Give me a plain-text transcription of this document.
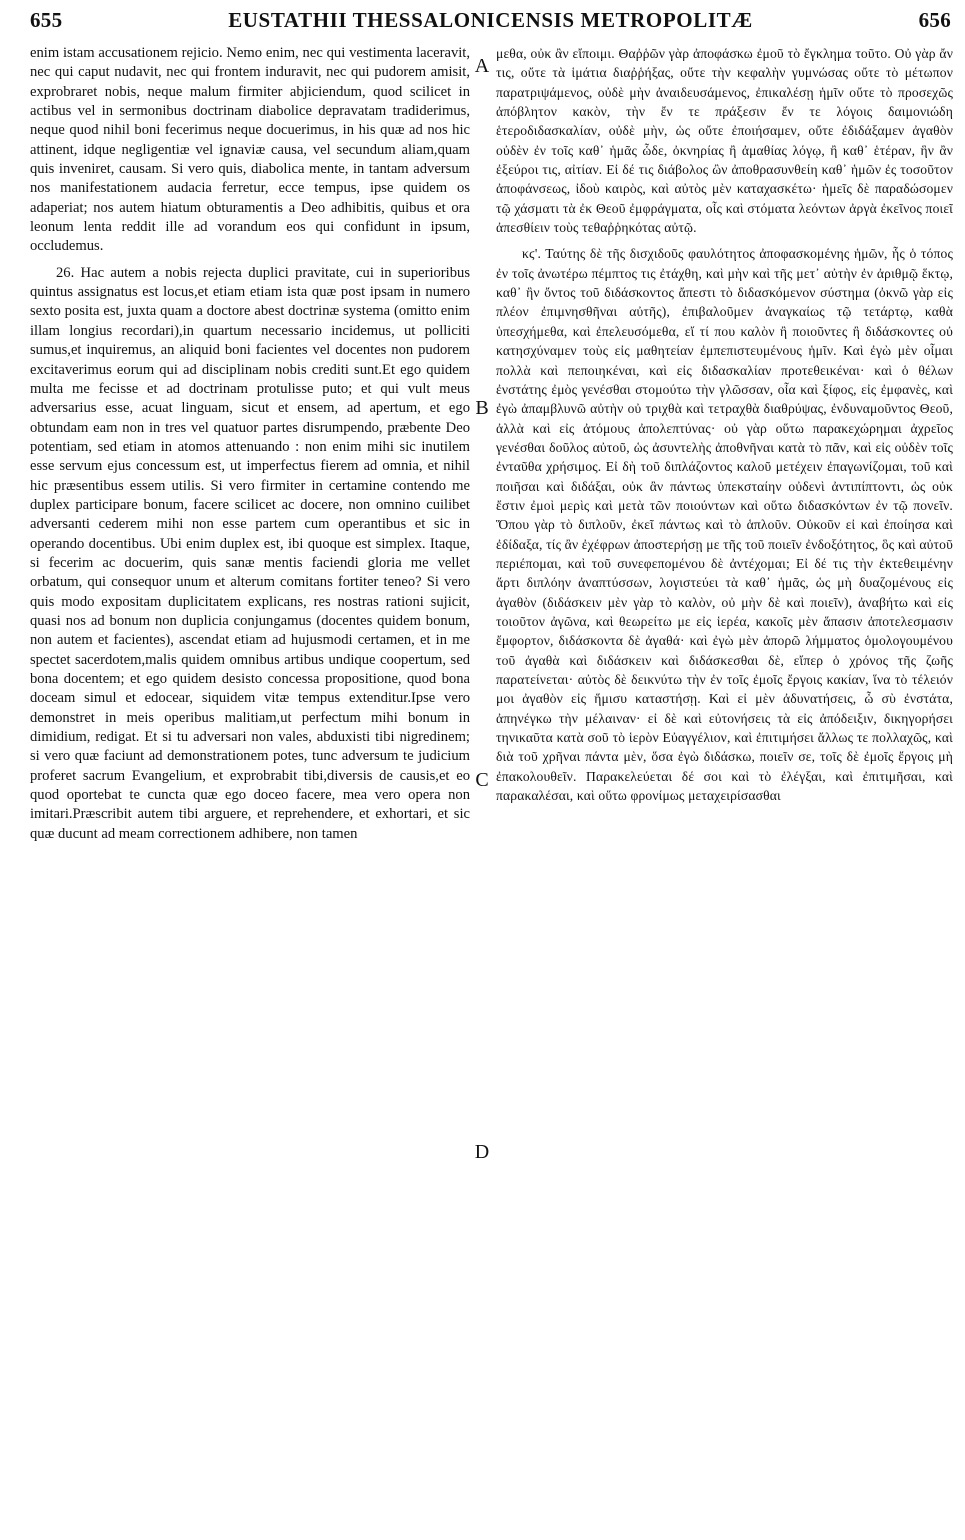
655	EUSTATHII THESSALONICENSIS METROPOLITÆ	656

enim istam accusationem rejicio. Nemo enim, nec qui vestimenta laceravit, nec qui caput nudavit, nec qui frontem induravit, nec qui pudorem amisit, exprobraret nobis, neque malum firmiter abjiciendum, quod scilicet in actibus vel in sermonibus doctrinam diabolice depravatam tradiderimus, neque quod nihil boni fecerimus neque docuerimus, in his quæ ad nos hic attinent, idque negligentiæ vel ignaviæ causa, vel secundum aliam,quam quis inveniret, causam. Si vero quis, diabolica mente, in tantam adversum nos manifestationem audacia ferretur, ecce tempus, ipse quidem os adaperiat; nos autem hiatum obturamentis a Deo adhibitis, quibus et ora leonum lenta reddit ille ad vorandum eos qui confidunt in ipsum, occludemus.

26. Hac autem a nobis rejecta duplici pravitate, cui in superioribus quintus assignatus est locus,et etiam etiam ista quæ post ipsam in numero sexto posita est, juxta quam a doctore abest doctrinæ systema (omitto enim illam longius recordari),in quartum necessario incidemus, ut polliciti sumus,et inquiremus, an aliquid boni facientes vel docentes non pudorem excitaverimus eorum qui ad disciplinam nobis crediti sunt.Et ego quidem multa me fecisse et ad doctrinam protulisse puto; et qui vult meus adversarius esse, acuat linguam, sicut et ensem, ad apertum, et ego obtundam eam non in tres vel quatuor partes disrumpendo, præbente Deo potentiam, sed etiam in atomos attenuando : non enim mihi sic inutilem esse servum ejus concessum est, ut imperfectus fierem ad omnia, et nihil hic præsentibus essem utilis. Si vero firmiter in certamine contendo me duplex participare bonum, facere scilicet ac docere, non omnino cuilibet adversanti cederem mihi non esse partem cum operantibus et sic in operando docentibus. Ubi enim duplex est, ibi quoque est simplex. Itaque, si fecerim ac docuerim, quis sanæ mentis faciendi gloria me vellet orbatum, qui consequor unum et alterum comitans fortiter teneo? Si vero quis modo expositam duplicitatem explicans, res nostras rationi sujicit, quasi nos ad bonum non duplicia conjungamus (docentes quidem bonum, non autem et facientes), ascendat etiam ad hujusmodi certamen, et in me spectet sacerdotem,malis quidem omnibus artibus undique coopertum, sed bona docentem; et ego quidem desisto concessa propositione, quod bona doceam simul et edocear, siquidem vitæ tempus extenditur.Ipse vero demonstret in meis operibus malitiam,ut perfectum mihi bonum in dimidium, redigat. Et si tu adversari non vales, abduxisti tibi nigredinem; si vero quæ faciunt ad demonstrationem potes, tunc adversum te judicium proferet sacrum Evangelium, et exprobrabit tibi,diversis de causis,et eo quod oportebat te cuncta quæ ego doceo facere, mea vero opera non imitari.Præscribit autem tibi arguere, et reprehendere, et exhortari, et sic quæ ducunt ad meam correctionem adhibere, non tamen

A
B
C
D

μεθα, οὐκ ἂν εἴποιμι. Θαῤῥῶν γὰρ ἀποφάσκω ἐμοῦ τὸ ἔγκλημα τοῦτο. Οὐ γὰρ ἄν τις, οὔτε τὰ ἱμάτια διαῤῥήξας, οὔτε τὴν κεφαλὴν γυμνώσας οὔτε τὸ μέτωπον παρατριψάμενος, οὐδὲ μὴν ἀναιδευσάμενος, ἐπικαλέσῃ ἡμῖν οὔτε τὸ προσεχῶς ἀπόβλητον κακὸν, τὴν ἔν τε πράξεσιν ἔν τε λόγοις δαιμονιώδη ἑτεροδιδασκαλίαν, οὐδὲ μὴν, ὡς οὔτε ἐποιήσαμεν, οὔτε ἐδιδάξαμεν ἀγαθὸν οὐδὲν ἐν τοῖς καθ᾽ ἡμᾶς ὧδε, ὀκνηρίας ἢ ἀμαθίας λόγῳ, ἢ καθ᾽ ἑτέραν, ἣν ἂν ἐξεύροι τις, αἰτίαν. Εἰ δέ τις διάβολος ὢν ἀποθρασυνθείη καθ᾽ ἡμῶν ἐς τοσοῦτον ἀποφάνσεως, ἰδοὺ καιρὸς, καὶ αὐτὸς μὲν καταχασκέτω· ἡμεῖς δὲ παραδώσομεν τῷ χάσματι τὰ ἐκ Θεοῦ ἐμφράγματα, οἷς καὶ στόματα λεόντων ἀργὰ ἐκεῖνος ποιεῖ ἀπεσθίειν τοὺς τεθαῤῥηκότας αὐτῷ.

κϛ'. Ταύτης δὲ τῆς δισχιδοῦς φαυλότητος ἀποφασκομένης ἡμῶν, ἧς ὁ τόπος ἐν τοῖς ἀνωτέρω πέμπτος τις ἐτάχθη, καὶ μὴν καὶ τῆς μετ᾽ αὐτὴν ἐν ἀριθμῷ ἕκτῳ, καθ᾽ ἣν ὄντος τοῦ διδάσκοντος ἄπεστι τὸ διδασκόμενον σύστημα (ὀκνῶ γὰρ εἰς πλέον ἐπιμνησθῆναι αὐτῆς), ἐπιβαλοῦμεν ἀναγκαίως τῷ τετάρτῳ, καθὰ ὑπεσχήμεθα, καὶ ἐπελευσόμεθα, εἴ τί που καλὸν ἢ ποιοῦντες ἢ διδάσκοντες οὐ κατησχύναμεν τοὺς εἰς μαθητείαν ἐμπεπιστευμένους ἡμῖν. Καὶ ἐγὼ μὲν οἶμαι πολλὰ καὶ πεποιηκέναι, καὶ εἰς διδασκαλίαν προτεθεικέναι· καὶ ὁ θέλων ἐνστάτης ἐμὸς γενέσθαι στομούτω τὴν γλῶσσαν, οἷα καὶ ξίφος, εἰς ἐμφανὲς, καὶ ἐγὼ ἀπαμβλυνῶ αὐτὴν οὐ τριχθὰ καὶ τετραχθὰ διαθρύψας, ἐνδυναμοῦντος Θεοῦ, ἀλλὰ καὶ εἰς ἀτόμους ἀπολεπτύνας· οὐ γὰρ οὕτω παρακεχώρημαι ἀχρεῖος γενέσθαι δοῦλος αὐτοῦ, ὡς ἀσυντελὴς ἀποθνῆναι κατὰ τὸ πᾶν, καὶ εἰς οὐδὲν τοῖς ἐνταῦθα χρήσιμος. Εἰ δὴ τοῦ διπλάζοντος καλοῦ μετέχειν ἐπαγωνίζομαι, τοῦ καὶ ποιῆσαι καὶ διδάξαι, οὐκ ἂν πάντως ὑπεκσταίην οὐδενὶ ἀντιπίπτοντι, ὡς οὐκ ἔστιν ἐμοὶ μερὶς καὶ μετὰ τῶν ποιούντων καὶ οὕτω διδασκόντων ἐν τῷ πονεῖν. Ὅπου γὰρ τὸ διπλοῦν, ἐκεῖ πάντως καὶ τὸ ἁπλοῦν. Οὐκοῦν εἰ καὶ ἐποίησα καὶ ἐδίδαξα, τίς ἂν ἐχέφρων ἀποστερήσῃ με τῆς τοῦ ποιεῖν ἐνδοξότητος, ὃς καὶ αὐτοῦ περιέπομαι, καὶ τοῦ συνεφεπομένου δὲ ἀντέχομαι; Εἰ δέ τις τὴν ἐκτεθειμένην ἄρτι διπλόην ἀναπτύσσων, λογιστεύει τὰ καθ᾽ ἡμᾶς, ὡς μὴ δυαζομένους εἰς ἀγαθὸν (διδάσκειν μὲν γὰρ τὸ καλὸν, οὐ μὴν δὲ καὶ ποιεῖν), ἀναβήτω καὶ εἰς τοιοῦτον ἀγῶνα, καὶ θεωρείτω με εἰς ἱερέα, κακοῖς μὲν ἅπασιν ἀποτελεσμασιν ἔμφορτον, διδάσκοντα δὲ ἀγαθά· καὶ ἐγὼ μὲν ἀπορῶ λήμματος ὁμολογουμένου τοῦ ἀγαθὰ καὶ διδάσκειν καὶ διδάσκεσθαι δὲ, εἴπερ ὁ χρόνος τῆς ζωῆς παρατείνεται· αὐτὸς δὲ δεικνύτω τὴν ἐν τοῖς ἐμοῖς ἔργοις κακίαν, ἵνα τὸ τέλειόν μοι ἀγαθὸν εἰς ἥμισυ καταστήσῃ. Καὶ εἰ μὲν ἀδυνατήσεις, ὦ σὺ ἐνστάτα, ἀπηνέγκω τὴν μέλαιναν· εἰ δὲ καὶ εὐτονήσεις τὰ εἰς ἀπόδειξιν, δικηγορήσει τηνικαῦτα κατὰ σοῦ τὸ ἱερὸν Εὐαγγέλιον, καὶ ἐπιτιμήσει ἄλλως τε πολλαχῶς, καὶ διὰ τοῦ χρῆναι πάντα μὲν, ὅσα ἐγὼ διδάσκω, ποιεῖν σε, τοῖς δὲ ἐμοῖς ἔργοις μὴ ἐπακολουθεῖν. Παρακελεύεται δέ σοι καὶ τὸ ἐλέγξαι, καὶ ἐπιτιμῆσαι, καὶ παρακαλέσαι, καὶ οὕτω φρονίμως μεταχειρίσασθαι
